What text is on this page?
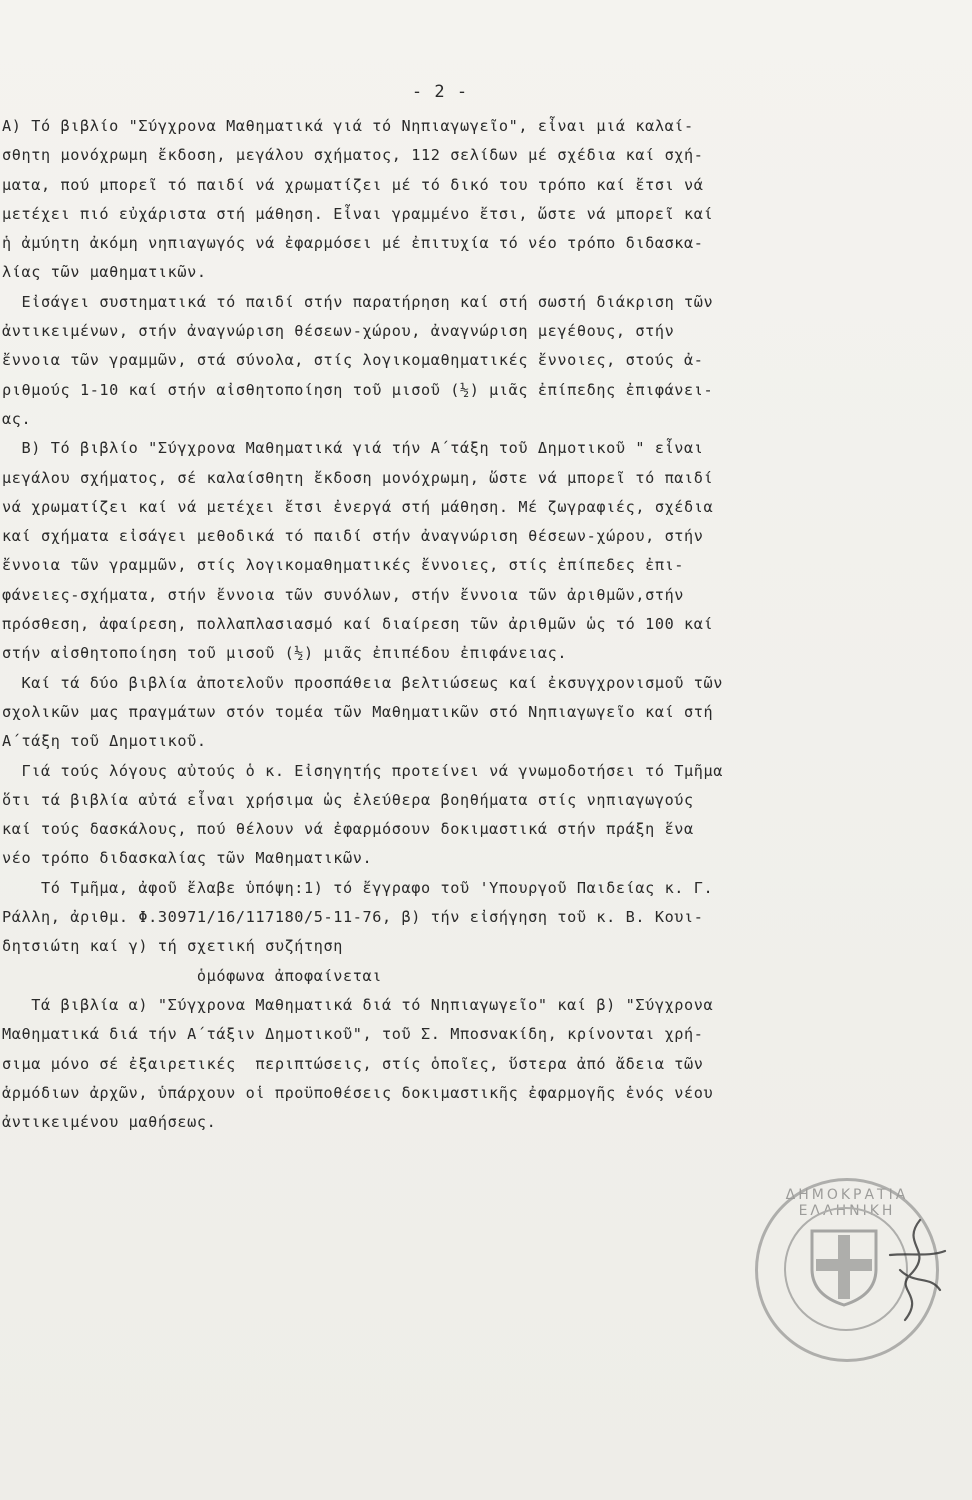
- 2 -
Α) Τό βιβλίο "Σύγχρονα Μαθηματικά γιά τό Νηπιαγωγεῖο", εἶναι μιά καλαί-
σθητη μονόχρωμη ἔκδοση, μεγάλου σχήματος, 112 σελίδων μέ σχέδια καί σχή-
ματα, πού μπορεῖ τό παιδί νά χρωματίζει μέ τό δικό του τρόπο καί ἔτσι νά
μετέχει πιό εὐχάριστα στή μάθηση. Εἶναι γραμμένο ἔτσι, ὥστε νά μπορεῖ καί
ἡ ἀμύητη ἀκόμη νηπιαγωγός νά ἐφαρμόσει μέ ἐπιτυχία τό νέο τρόπο διδασκα-
λίας τῶν μαθηματικῶν.
Εἰσάγει συστηματικά τό παιδί στήν παρατήρηση καί στή σωστή διάκριση τῶν
ἀντικειμένων, στήν ἀναγνώριση θέσεων-χώρου, ἀναγνώριση μεγέθους, στήν
ἔννοια τῶν γραμμῶν, στά σύνολα, στίς λογικομαθηματικές ἔννοιες, στούς ἀ-
ριθμούς 1-10 καί στήν αἰσθητοποίηση τοῦ μισοῦ (½) μιᾶς ἐπίπεδης ἐπιφάνει-
ας.
Β) Τό βιβλίο "Σύγχρονα Μαθηματικά γιά τήν Α΄τάξη τοῦ Δημοτικοῦ " εἶναι
μεγάλου σχήματος, σέ καλαίσθητη ἔκδοση μονόχρωμη, ὥστε νά μπορεῖ τό παιδί
νά χρωματίζει καί νά μετέχει ἔτσι ἐνεργά στή μάθηση. Μέ ζωγραφιές, σχέδια
καί σχήματα εἰσάγει μεθοδικά τό παιδί στήν ἀναγνώριση θέσεων-χώρου, στήν
ἔννοια τῶν γραμμῶν, στίς λογικομαθηματικές ἔννοιες, στίς ἐπίπεδες ἐπι-
φάνειες-σχήματα, στήν ἔννοια τῶν συνόλων, στήν ἔννοια τῶν ἀριθμῶν,στήν
πρόσθεση, ἀφαίρεση, πολλαπλασιασμό καί διαίρεση τῶν ἀριθμῶν ὡς τό 100 καί
στήν αἰσθητοποίηση τοῦ μισοῦ (½) μιᾶς ἐπιπέδου ἐπιφάνειας.
Καί τά δύο βιβλία ἀποτελοῦν προσπάθεια βελτιώσεως καί ἐκσυγχρονισμοῦ τῶν
σχολικῶν μας πραγμάτων στόν τομέα τῶν Μαθηματικῶν στό Νηπιαγωγεῖο καί στή
Α΄τάξη τοῦ Δημοτικοῦ.
Γιά τούς λόγους αὐτούς ὁ κ. Εἰσηγητής προτείνει νά γνωμοδοτήσει τό Τμῆμα
ὅτι τά βιβλία αὐτά εἶναι χρήσιμα ὡς ἐλεύθερα βοηθήματα στίς νηπιαγωγούς
καί τούς δασκάλους, πού θέλουν νά ἐφαρμόσουν δοκιμαστικά στήν πράξη ἕνα
νέο τρόπο διδασκαλίας τῶν Μαθηματικῶν.
Τό Τμῆμα, ἀφοῦ ἔλαβε ὑπόψη:1) τό ἔγγραφο τοῦ 'Υπουργοῦ Παιδείας κ. Γ.
Ράλλη, ἀριθμ. Φ.30971/16/117180/5-11-76, β) τήν εἰσήγηση τοῦ κ. Β. Κουι-
δητσιώτη καί γ) τή σχετική συζήτηση
ὁμόφωνα ἀποφαίνεται
Τά βιβλία α) "Σύγχρονα Μαθηματικά διά τό Νηπιαγωγεῖο" καί β) "Σύγχρονα
Μαθηματικά διά τήν Α΄τάξιν Δημοτικοῦ", τοῦ Σ. Μποσνακίδη, κρίνονται χρή-
σιμα μόνο σέ ἐξαιρετικές  περιπτώσεις, στίς ὁποῖες, ὕστερα ἀπό ἄδεια τῶν
ἁρμόδιων ἀρχῶν, ὑπάρχουν οἱ προϋποθέσεις δοκιμαστικῆς ἐφαρμογῆς ἑνός νέου
ἀντικειμένου μαθήσεως.
ΔΗΜΟΚΡΑΤΙΑ ΕΛΛΗΝΙΚΗ
